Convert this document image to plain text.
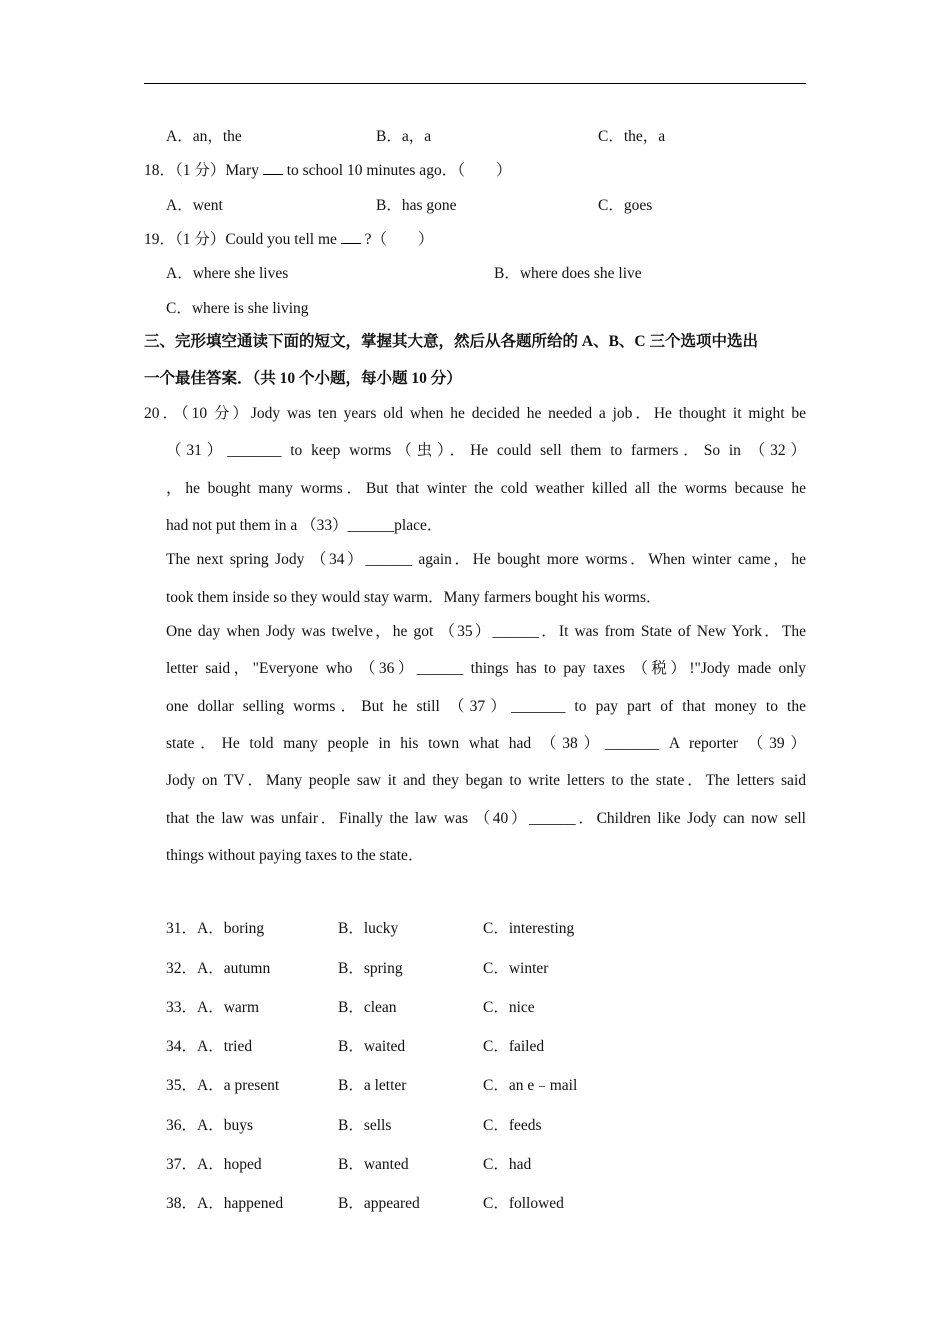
A．an，the	B．a，a	C．the，a
18．（1 分）Mary to school 10 minutes ago．（　　）
A．went	B．has gone	C．goes
19．（1 分）Could you tell me ?（　　）
A．where she lives	B．where does she live
C．where is she living
三、完形填空通读下面的短文，掌握其大意，然后从各题所给的 A、B、C 三个选项中选出
一个最佳答案．（共 10 个小题，每小题 10 分）
20．（10 分）Jody was ten years old when he decided he needed a job．He thought it might be
（31）_______ to keep worms（虫）．He could sell them to farmers．So in （32）
，he bought many worms．But that winter the cold weather killed all the worms because he
had not put them in a （33）______place．
The next spring Jody （34）______ again．He bought more worms．When winter came，he
took them inside so they would stay warm．Many farmers bought his worms．
One day when Jody was twelve，he got （35）______．It was from State of New York．The
letter said，"Everyone who （36）______ things has to pay taxes （税）!"Jody made only
one dollar selling worms．But he still （37）_______ to pay part of that money to the
state．He told many people in his town what had （38）_______ A reporter （39）
Jody on TV．Many people saw it and they began to write letters to the state．The letters said
that the law was unfair．Finally the law was （40）______．Children like Jody can now sell
things without paying taxes to the state．
31．A．boring	B．lucky	C．interesting
32．A．autumn	B．spring	C．winter
33．A．warm	B．clean	C．nice
34．A．tried	B．waited	C．failed
35．A．a present	B．a letter	C．an e﹣mail
36．A．buys	B．sells	C．feeds
37．A．hoped	B．wanted	C．had
38．A．happened	B．appeared	C．followed
